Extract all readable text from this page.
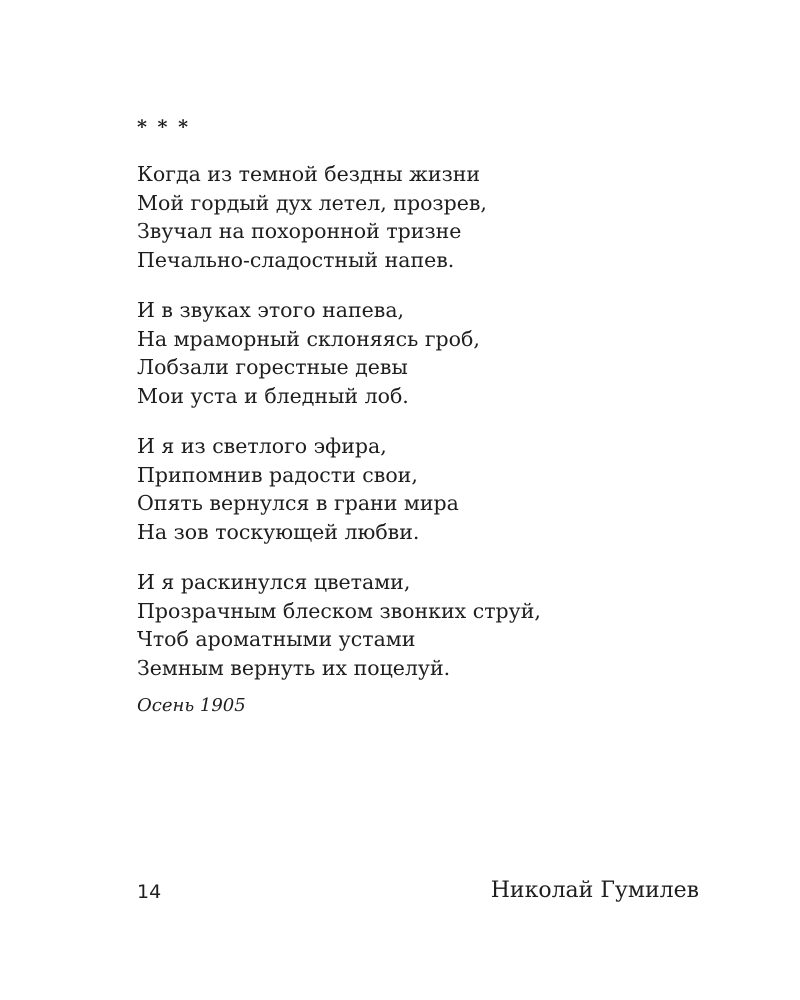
* * *
Когда из темной бездны жизни
Мой гордый дух летел, прозрев,
Звучал на похоронной тризне
Печально-сладостный напев.
И в звуках этого напева,
На мраморный склоняясь гроб,
Лобзали горестные девы
Мои уста и бледный лоб.
И я из светлого эфира,
Припомнив радости свои,
Опять вернулся в грани мира
На зов тоскующей любви.
И я раскинулся цветами,
Прозрачным блеском звонких струй,
Чтоб ароматными устами
Земным вернуть их поцелуй.
Осень 1905
14	Николай Гумилев
